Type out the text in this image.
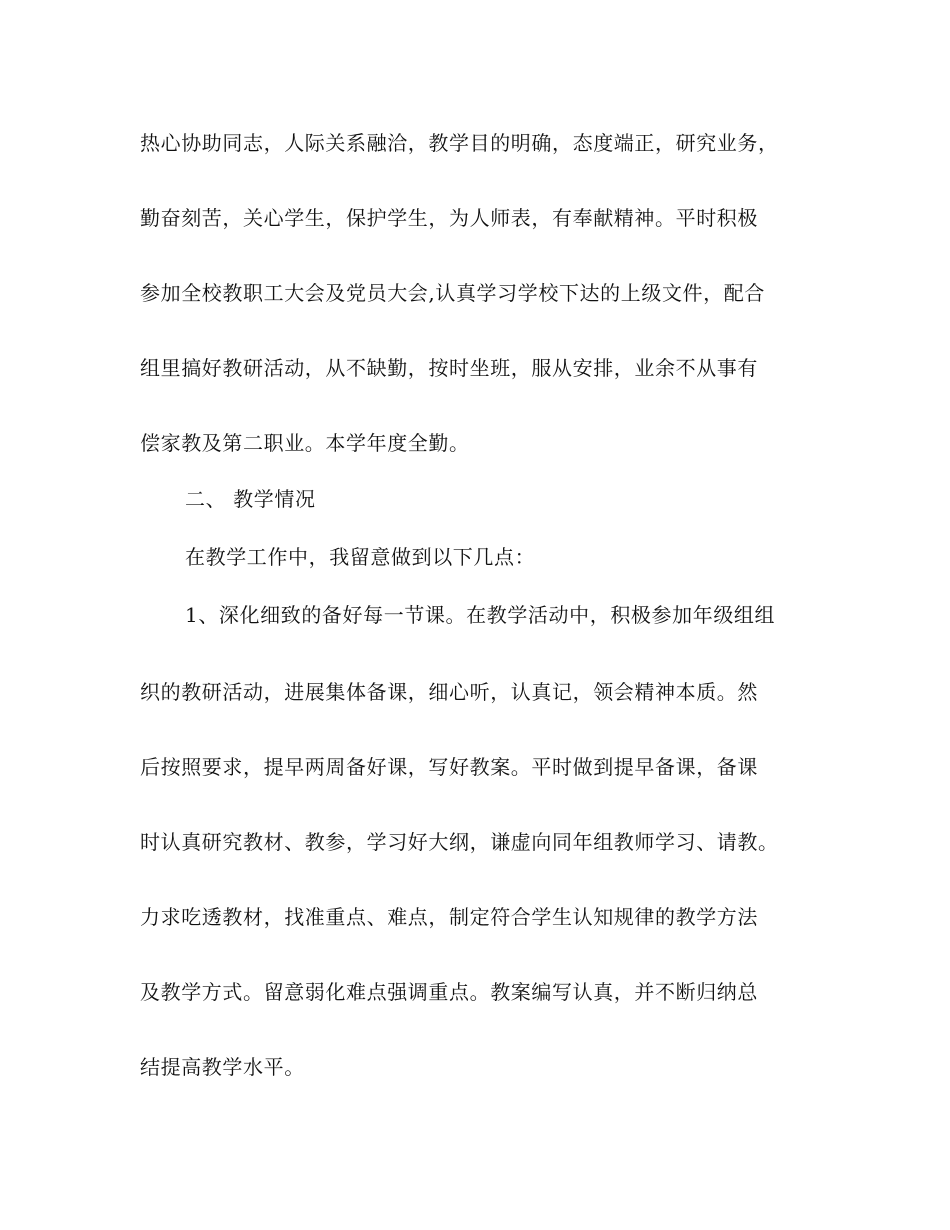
热心协助同志，人际关系融洽，教学目的明确，态度端正，研究业务，
勤奋刻苦，关心学生，保护学生，为人师表，有奉献精神。平时积极
参加全校教职工大会及党员大会,认真学习学校下达的上级文件，配合
组里搞好教研活动，从不缺勤，按时坐班，服从安排，业余不从事有
偿家教及第二职业。本学年度全勤。
二、 教学情况
在教学工作中，我留意做到以下几点：
1、深化细致的备好每一节课。在教学活动中，积极参加年级组组
织的教研活动，进展集体备课，细心听，认真记，领会精神本质。然
后按照要求，提早两周备好课，写好教案。平时做到提早备课，备课
时认真研究教材、教参，学习好大纲，谦虚向同年组教师学习、请教。
力求吃透教材，找准重点、难点，制定符合学生认知规律的教学方法
及教学方式。留意弱化难点强调重点。教案编写认真，并不断归纳总
结提高教学水平。
